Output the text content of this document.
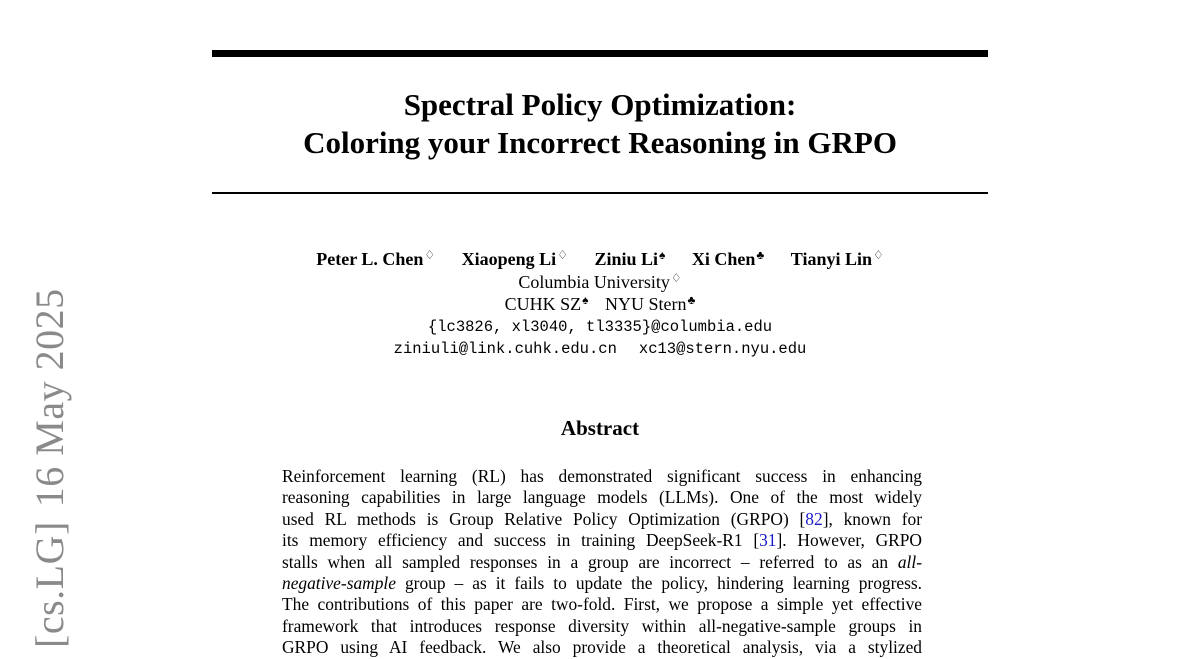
[cs.LG]16 May 2025
Spectral Policy Optimization:
Coloring your Incorrect Reasoning in GRPO
Peter L. Chen♢ Xiaopeng Li♢ Ziniu Li♠ Xi Chen♣ Tianyi Lin♢
Columbia University♢
CUHK SZ♠ NYU Stern♣
{lc3826, xl3040, tl3335}@columbia.edu
ziniuli@link.cuhk.edu.cn xc13@stern.nyu.edu
Abstract
Reinforcement learning (RL) has demonstrated significant success in enhancing
reasoning capabilities in large language models (LLMs). One of the most widely
used RL methods is Group Relative Policy Optimization (GRPO) [82], known for
its memory efficiency and success in training DeepSeek-R1 [31]. However, GRPO
stalls when all sampled responses in a group are incorrect – referred to as an all-
negative-sample group – as it fails to update the policy, hindering learning progress.
The contributions of this paper are two-fold. First, we propose a simple yet effective
framework that introduces response diversity within all-negative-sample groups in
GRPO using AI feedback. We also provide a theoretical analysis, via a stylized
